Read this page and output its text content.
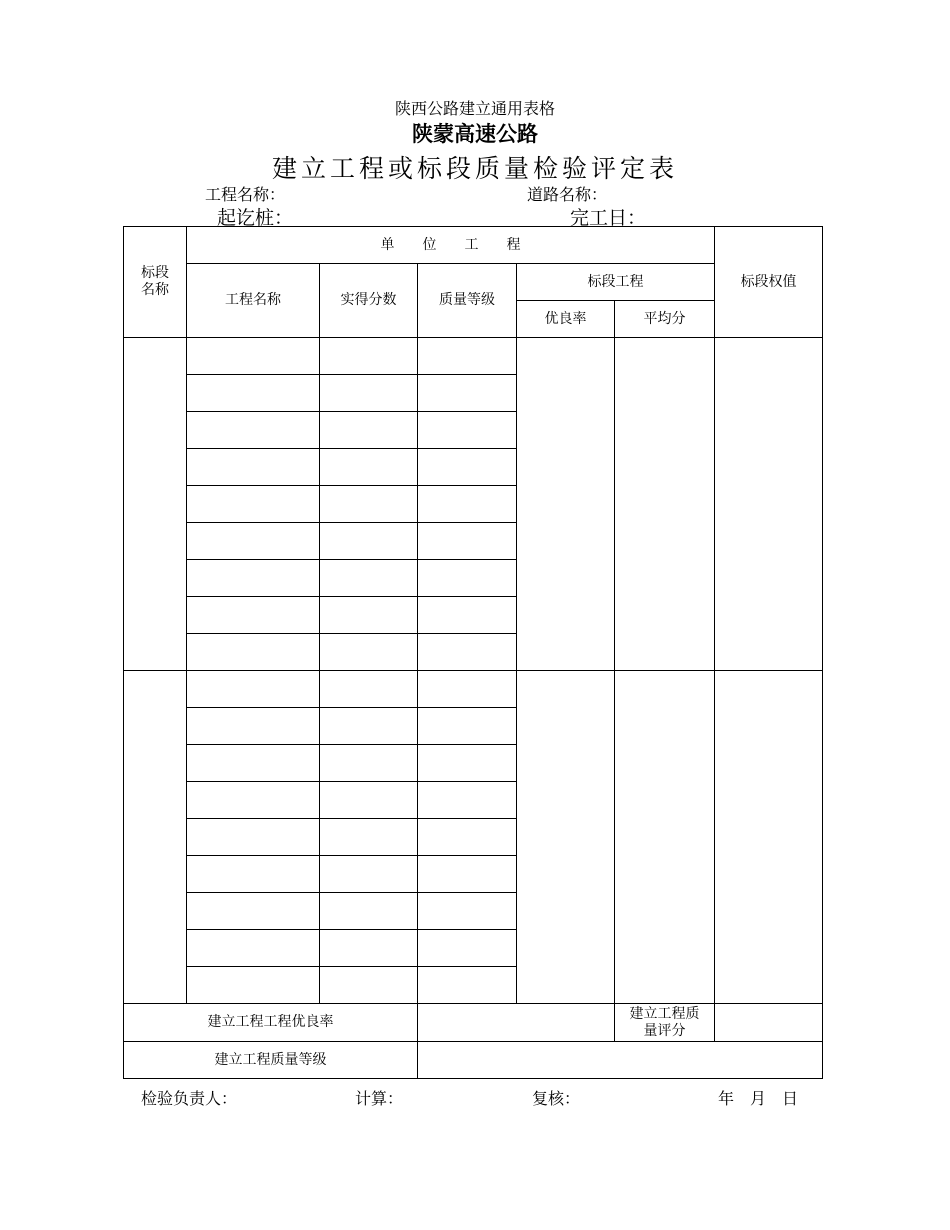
陕西公路建立通用表格
陕蒙高速公路
建立工程或标段质量检验评定表
工程名称：	道路名称：
起讫桩：	完工日：
标段
名称	单　　位　　工　　程					标段权值
	工程名称	实得分数	质量等级	标段工程		
				优良率	平均分	

建立工程工程优良率					建立工程质
量评分	
建立工程质量等级						
检验负责人：	计算：	复核：	年　月　日
